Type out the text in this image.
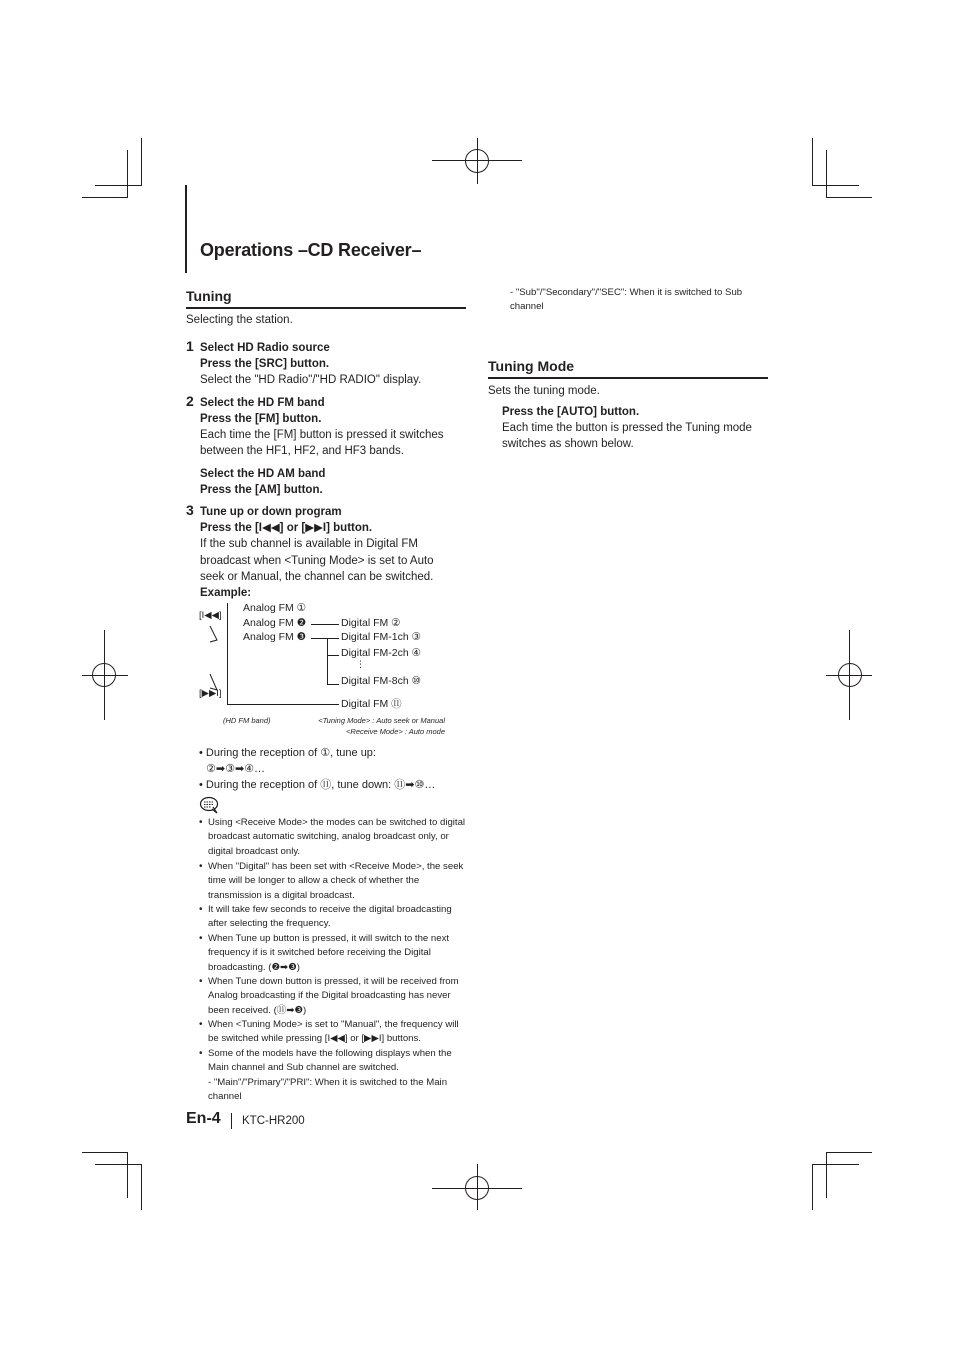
Operations –CD Receiver–
Tuning
Selecting the station.
1 Select HD Radio source
Press the [SRC] button.
Select the "HD Radio"/"HD RADIO" display.
2 Select the HD FM band
Press the [FM] button.
Each time the [FM] button is pressed it switches
between the HF1, HF2, and HF3 bands.
Select the HD AM band
Press the [AM] button.
3 Tune up or down program
Press the [I◀◀] or [▶▶I] button.
If the sub channel is available in Digital FM
broadcast when <Tuning Mode> is set to Auto
seek or Manual, the channel can be switched.
Example:
[I◀◀]
[▶▶I]
Analog FM ①
Analog FM ❷
Analog FM ❸
Digital FM ②
Digital FM-1ch ③
Digital FM-2ch ④
⋮
Digital FM-8ch ⑩
Digital FM ⑪
(HD FM band)	<Tuning Mode> : Auto seek or Manual
<Receive Mode> : Auto mode
• During the reception of ①, tune up:
②➡③➡④…
• During the reception of ⑪, tune down: ⑪➡⑩…
• Using <Receive Mode> the modes can be switched to digital broadcast automatic switching, analog broadcast only, or digital broadcast only.
• When "Digital" has been set with <Receive Mode>, the seek time will be longer to allow a check of whether the transmission is a digital broadcast.
• It will take few seconds to receive the digital broadcasting after selecting the frequency.
• When Tune up button is pressed, it will switch to the next frequency if is it switched before receiving the Digital broadcasting. (❷➡❸)
• When Tune down button is pressed, it will be received from Analog broadcasting if the Digital broadcasting has never been received. (⑪➡❸)
• When <Tuning Mode> is set to "Manual", the frequency will be switched while pressing [I◀◀] or [▶▶I] buttons.
• Some of the models have the following displays when the Main channel and Sub channel are switched.
- "Main"/"Primary"/"PRI": When it is switched to the Main channel
- "Sub"/"Secondary"/"SEC": When it is switched to Sub channel
Tuning Mode
Sets the tuning mode.
Press the [AUTO] button.
Each time the button is pressed the Tuning mode
switches as shown below.
En-4 KTC-HR200
